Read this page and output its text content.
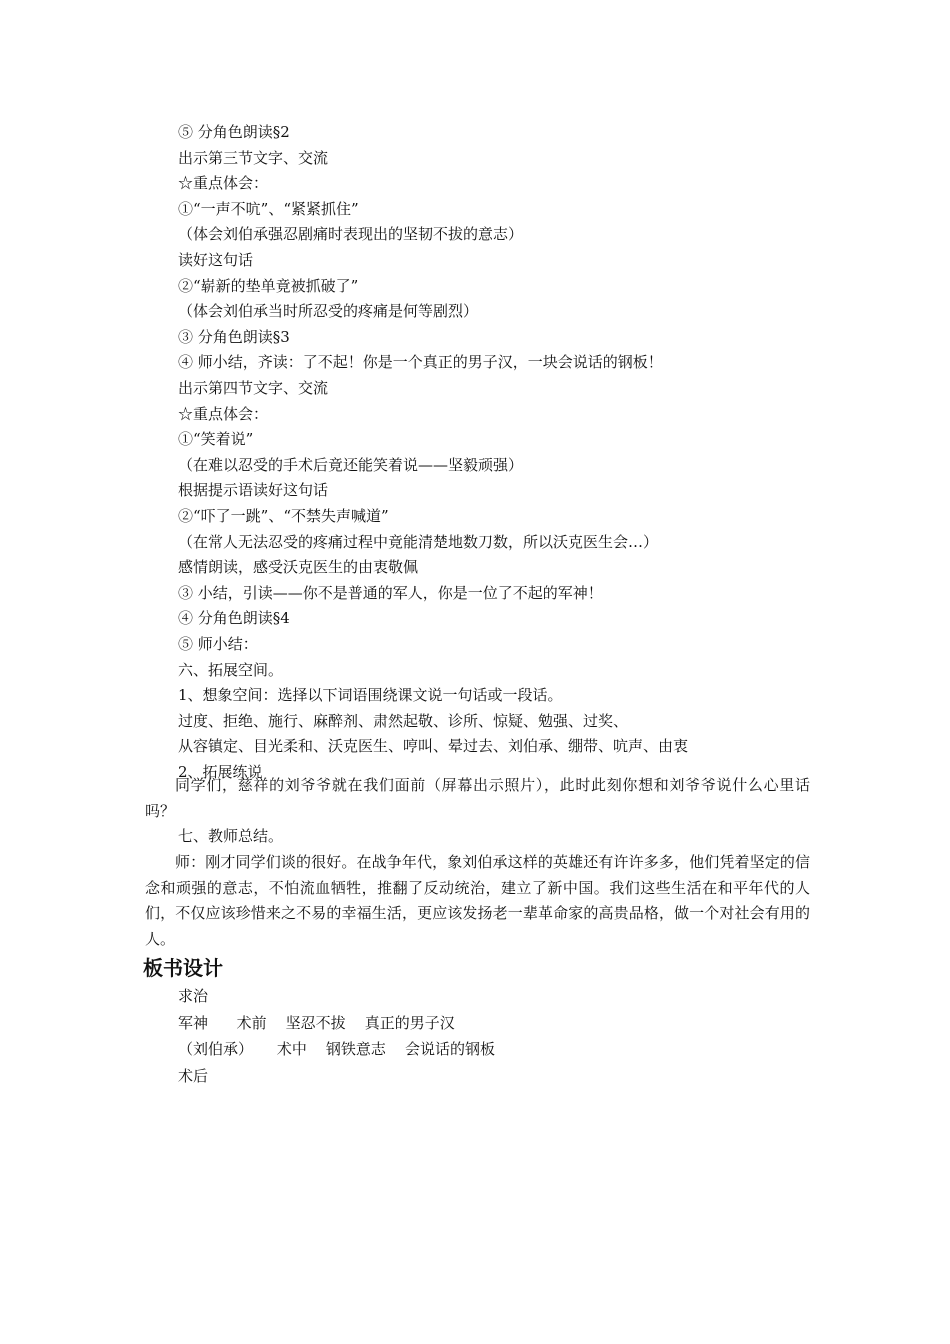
⑤ 分角色朗读§2
出示第三节文字、交流
☆重点体会：
①“一声不吭”、“紧紧抓住”
（体会刘伯承强忍剧痛时表现出的坚韧不拔的意志）
读好这句话
②“崭新的垫单竟被抓破了”
（体会刘伯承当时所忍受的疼痛是何等剧烈）
③ 分角色朗读§3
④ 师小结，齐读：了不起！你是一个真正的男子汉，一块会说话的钢板！
出示第四节文字、交流
☆重点体会：
①“笑着说”
（在难以忍受的手术后竟还能笑着说——坚毅顽强）
根据提示语读好这句话
②“吓了一跳”、“不禁失声喊道”
（在常人无法忍受的疼痛过程中竟能清楚地数刀数，所以沃克医生会…）
感情朗读，感受沃克医生的由衷敬佩
③ 小结，引读——你不是普通的军人，你是一位了不起的军神！
④ 分角色朗读§4
⑤ 师小结：
六、拓展空间。
1、想象空间：选择以下词语围绕课文说一句话或一段话。
过度、拒绝、施行、麻醉剂、肃然起敬、诊所、惊疑、勉强、过奖、
从容镇定、目光柔和、沃克医生、哼叫、晕过去、刘伯承、绷带、吭声、由衷
2、拓展练说
同学们，慈祥的刘爷爷就在我们面前（屏幕出示照片），此时此刻你想和刘爷爷说什么心里话吗？
七、教师总结。
师：刚才同学们谈的很好。在战争年代，象刘伯承这样的英雄还有许许多多，他们凭着坚定的信念和顽强的意志，不怕流血牺牲，推翻了反动统治，建立了新中国。我们这些生活在和平年代的人们，不仅应该珍惜来之不易的幸福生活，更应该发扬老一辈革命家的高贵品格，做一个对社会有用的人。
板书设计
求治
军神      术前    坚忍不拔    真正的男子汉
（刘伯承）     术中    钢铁意志    会说话的钢板
术后
